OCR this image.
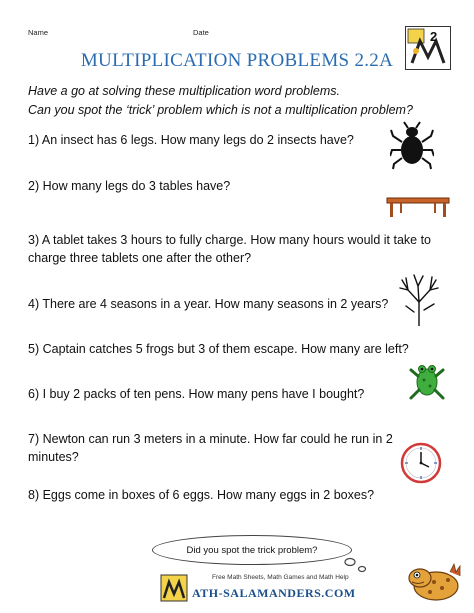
Name	Date	2
MULTIPLICATION PROBLEMS 2.2A
Have a go at solving these multiplication word problems.
Can you spot the ‘trick’ problem which is not a multiplication problem?
1) An insect has 6 legs. How many legs do 2 insects have?
2) How many legs do 3 tables have?
3) A tablet takes 3 hours to fully charge. How many hours would it take to
charge three tablets one after the other?
4) There are 4 seasons in a year. How many seasons in 2 years?
5) Captain catches 5 frogs but 3 of them escape. How many are left?
6) I buy 2 packs of ten pens. How many pens have I bought?
7) Newton can run 3 meters in a minute. How far could he run in 2
minutes?
8) Eggs come in boxes of 6 eggs. How many eggs in 2 boxes?
Did you spot the trick problem?
Free Math Sheets, Math Games and Math Help
ATH-SALAMANDERS.COM
